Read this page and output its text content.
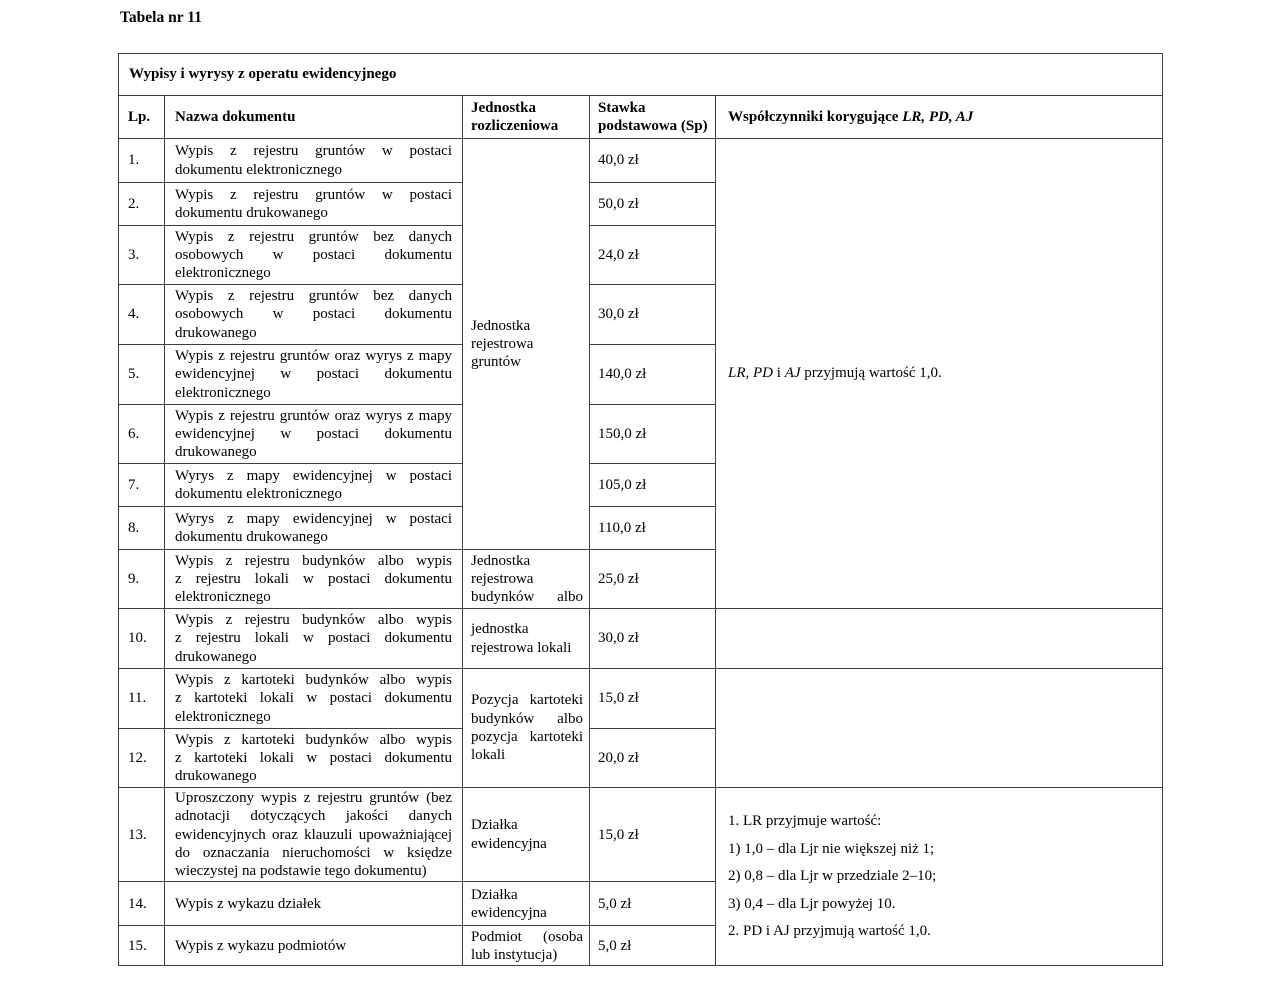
Tabela nr 11
Wypisy i wyrysy z operatu ewidencyjnego				
Lp.	Nazwa dokumentu	Jednostka rozliczeniowa	Stawka podstawowa (Sp)	Współczynniki korygujące LR, PD, AJ
1.	Wypis z rejestru gruntów w postaci dokumentu elektronicznego	Jednostka rejestrowa gruntów	40,0 zł	LR, PD i AJ przyjmują wartość 1,0.
2.	Wypis z rejestru gruntów w postaci dokumentu drukowanego		50,0 zł	
3.	Wypis z rejestru gruntów bez danych osobowych w postaci dokumentu elektronicznego		24,0 zł	
4.	Wypis z rejestru gruntów bez danych osobowych w postaci dokumentu drukowanego		30,0 zł	
5.	Wypis z rejestru gruntów oraz wyrys z mapy ewidencyjnej w postaci dokumentu elektronicznego		140,0 zł	
6.	Wypis z rejestru gruntów oraz wyrys z mapy ewidencyjnej w postaci dokumentu drukowanego		150,0 zł	
7.	Wyrys z mapy ewidencyjnej w postaci dokumentu elektronicznego		105,0 zł	
8.	Wyrys z mapy ewidencyjnej w postaci dokumentu drukowanego		110,0 zł	
9.	Wypis z rejestru budynków albo wypis z rejestru lokali w postaci dokumentu elektronicznego	Jednostka rejestrowa budynków albo	25,0 zł	
10.	Wypis z rejestru budynków albo wypis z rejestru lokali w postaci dokumentu drukowanego	jednostka rejestrowa lokali	30,0 zł	
11.	Wypis z kartoteki budynków albo wypis z kartoteki lokali w postaci dokumentu elektronicznego	Pozycja kartoteki budynków albo pozycja kartoteki lokali	15,0 zł	
12.	Wypis z kartoteki budynków albo wypis z kartoteki lokali w postaci dokumentu drukowanego		20,0 zł	
13.	Uproszczony wypis z rejestru gruntów (bez adnotacji dotyczących jakości danych ewidencyjnych oraz klauzuli upoważniającej do oznaczania nieruchomości w księdze wieczystej na podstawie tego dokumentu)	Działka ewidencyjna	15,0 zł	1. LR przyjmuje wartość:
1) 1,0 – dla Ljr nie większej niż 1;
2) 0,8 – dla Ljr w przedziale 2–10;
3) 0,4 – dla Ljr powyżej 10.
2. PD i AJ przyjmują wartość 1,0.

14.	Wypis z wykazu działek	Działka ewidencyjna	5,0 zł	
15.	Wypis z wykazu podmiotów	Podmiot (osoba lub instytucja)	5,0 zł	
